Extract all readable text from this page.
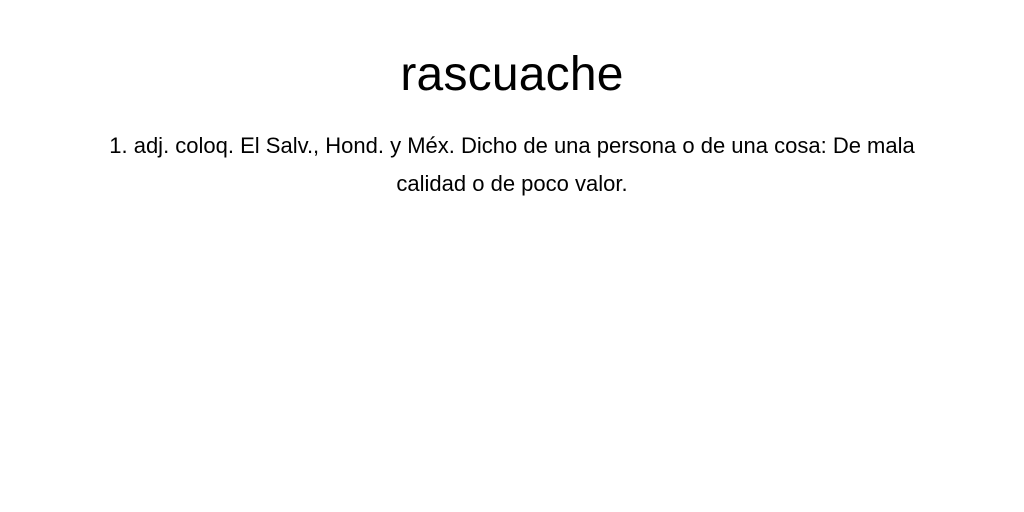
rascuache

1. adj. coloq. El Salv., Hond. y Méx. Dicho de una persona o de una cosa: De mala calidad o de poco valor.
